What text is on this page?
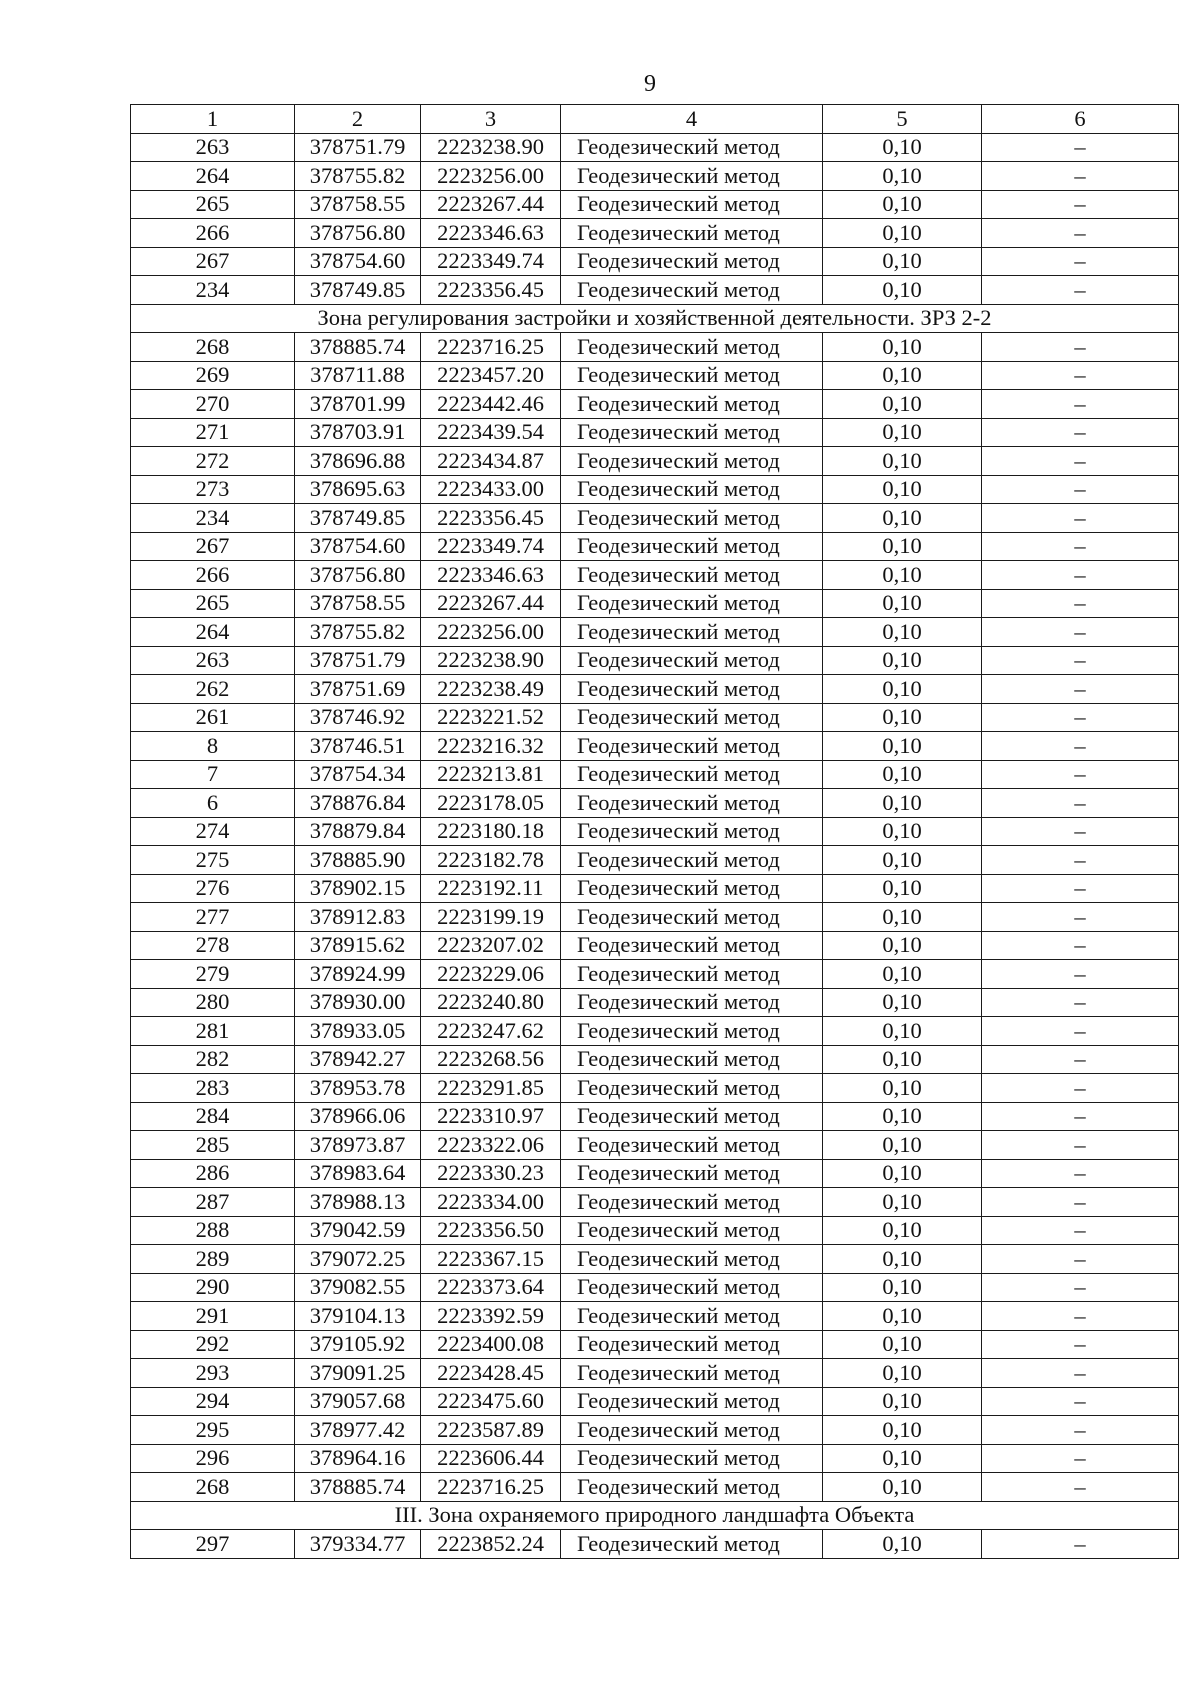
9
1	2	3	4	5	6
263	378751.79	2223238.90	Геодезический метод	0,10	–
264	378755.82	2223256.00	Геодезический метод	0,10	–
265	378758.55	2223267.44	Геодезический метод	0,10	–
266	378756.80	2223346.63	Геодезический метод	0,10	–
267	378754.60	2223349.74	Геодезический метод	0,10	–
234	378749.85	2223356.45	Геодезический метод	0,10	–
Зона регулирования застройки и хозяйственной деятельности. ЗРЗ 2-2					
268	378885.74	2223716.25	Геодезический метод	0,10	–
269	378711.88	2223457.20	Геодезический метод	0,10	–
270	378701.99	2223442.46	Геодезический метод	0,10	–
271	378703.91	2223439.54	Геодезический метод	0,10	–
272	378696.88	2223434.87	Геодезический метод	0,10	–
273	378695.63	2223433.00	Геодезический метод	0,10	–
234	378749.85	2223356.45	Геодезический метод	0,10	–
267	378754.60	2223349.74	Геодезический метод	0,10	–
266	378756.80	2223346.63	Геодезический метод	0,10	–
265	378758.55	2223267.44	Геодезический метод	0,10	–
264	378755.82	2223256.00	Геодезический метод	0,10	–
263	378751.79	2223238.90	Геодезический метод	0,10	–
262	378751.69	2223238.49	Геодезический метод	0,10	–
261	378746.92	2223221.52	Геодезический метод	0,10	–
8	378746.51	2223216.32	Геодезический метод	0,10	–
7	378754.34	2223213.81	Геодезический метод	0,10	–
6	378876.84	2223178.05	Геодезический метод	0,10	–
274	378879.84	2223180.18	Геодезический метод	0,10	–
275	378885.90	2223182.78	Геодезический метод	0,10	–
276	378902.15	2223192.11	Геодезический метод	0,10	–
277	378912.83	2223199.19	Геодезический метод	0,10	–
278	378915.62	2223207.02	Геодезический метод	0,10	–
279	378924.99	2223229.06	Геодезический метод	0,10	–
280	378930.00	2223240.80	Геодезический метод	0,10	–
281	378933.05	2223247.62	Геодезический метод	0,10	–
282	378942.27	2223268.56	Геодезический метод	0,10	–
283	378953.78	2223291.85	Геодезический метод	0,10	–
284	378966.06	2223310.97	Геодезический метод	0,10	–
285	378973.87	2223322.06	Геодезический метод	0,10	–
286	378983.64	2223330.23	Геодезический метод	0,10	–
287	378988.13	2223334.00	Геодезический метод	0,10	–
288	379042.59	2223356.50	Геодезический метод	0,10	–
289	379072.25	2223367.15	Геодезический метод	0,10	–
290	379082.55	2223373.64	Геодезический метод	0,10	–
291	379104.13	2223392.59	Геодезический метод	0,10	–
292	379105.92	2223400.08	Геодезический метод	0,10	–
293	379091.25	2223428.45	Геодезический метод	0,10	–
294	379057.68	2223475.60	Геодезический метод	0,10	–
295	378977.42	2223587.89	Геодезический метод	0,10	–
296	378964.16	2223606.44	Геодезический метод	0,10	–
268	378885.74	2223716.25	Геодезический метод	0,10	–
III. Зона охраняемого природного ландшафта Объекта					
297	379334.77	2223852.24	Геодезический метод	0,10	–
